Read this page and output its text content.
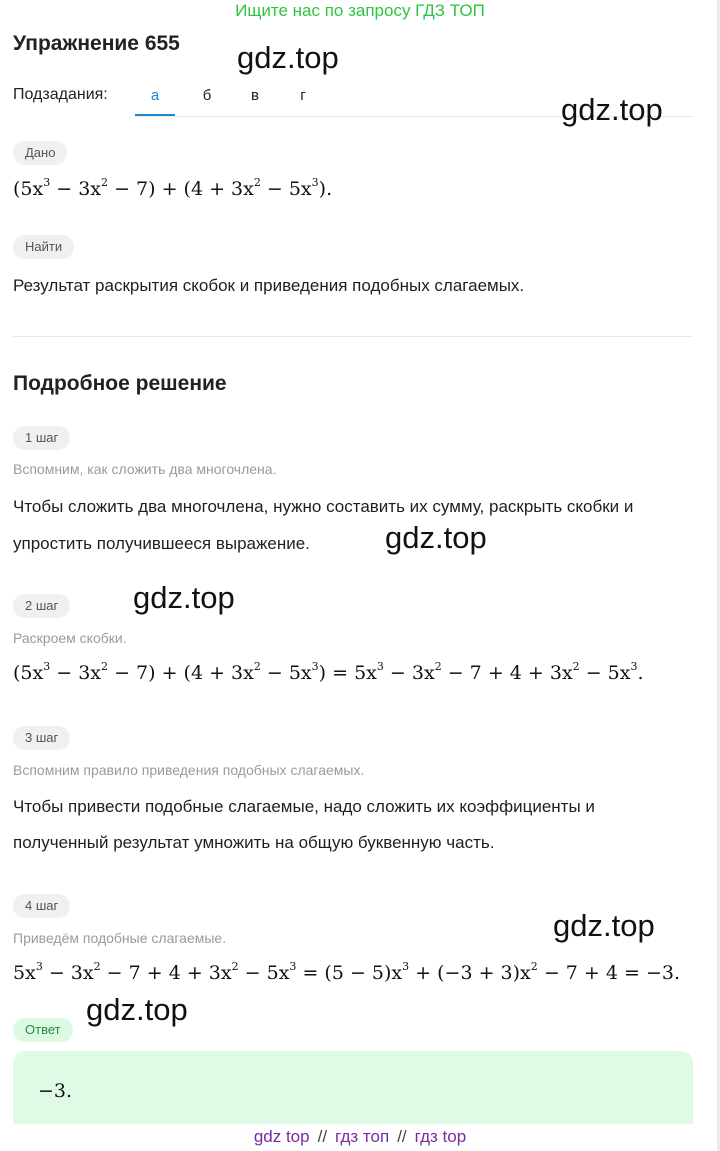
Ищите нас по запросу ГДЗ ТОП
Упражнение 655
Подзадания:	а	б	в	г
Дано
$(5x^3 - 3x^2 - 7) + (4 + 3x^2 - 5x^3)$.
Найти
Результат раскрытия скобок и приведения подобных слагаемых.
Подробное решение
1 шаг
Вспомним, как сложить два многочлена.
Чтобы сложить два многочлена, нужно составить их сумму, раскрыть скобки и
упростить получившееся выражение.
2 шаг
Раскроем скобки.
$(5x^3 - 3x^2 - 7) + (4 + 3x^2 - 5x^3) = 5x^3 - 3x^2 - 7 + 4 + 3x^2 - 5x^3$.
3 шаг
Вспомним правило приведения подобных слагаемых.
Чтобы привести подобные слагаемые, надо сложить их коэффициенты и
полученный результат умножить на общую буквенную часть.
4 шаг
Приведём подобные слагаемые.
$5x^3 - 3x^2 - 7 + 4 + 3x^2 - 5x^3 = (5 - 5)x^3 + (-3 + 3)x^2 - 7 + 4 = -3$.
Ответ
−3.
gdz.top
gdz.top
gdz.top
gdz.top
gdz.top
gdz.top
gdz top // гдз топ // гдз top
